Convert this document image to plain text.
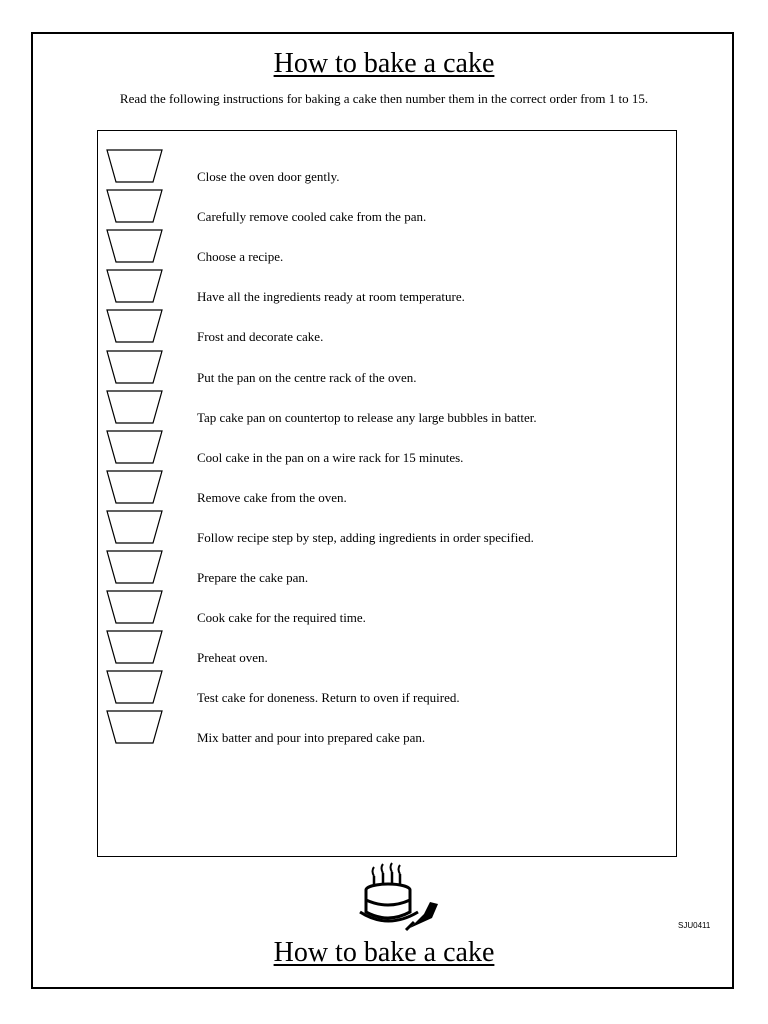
How to bake a cake

Read the following instructions for baking a cake then number them in the correct order from 1 to 15.

Close the oven door gently.
Carefully remove cooled cake from the pan.
Choose a recipe.
Have all the ingredients ready at room temperature.
Frost and decorate cake.
Put the pan on the centre rack of the oven.
Tap cake pan on countertop to release any large bubbles in batter.
Cool cake in the pan on a wire rack for 15 minutes.
Remove cake from the oven.
Follow recipe step by step, adding ingredients in order specified.
Prepare the cake pan.
Cook cake for the required time.
Preheat oven.
Test cake for doneness. Return to oven if required.
Mix batter and pour into prepared cake pan.
SJU0411
How to bake a cake
